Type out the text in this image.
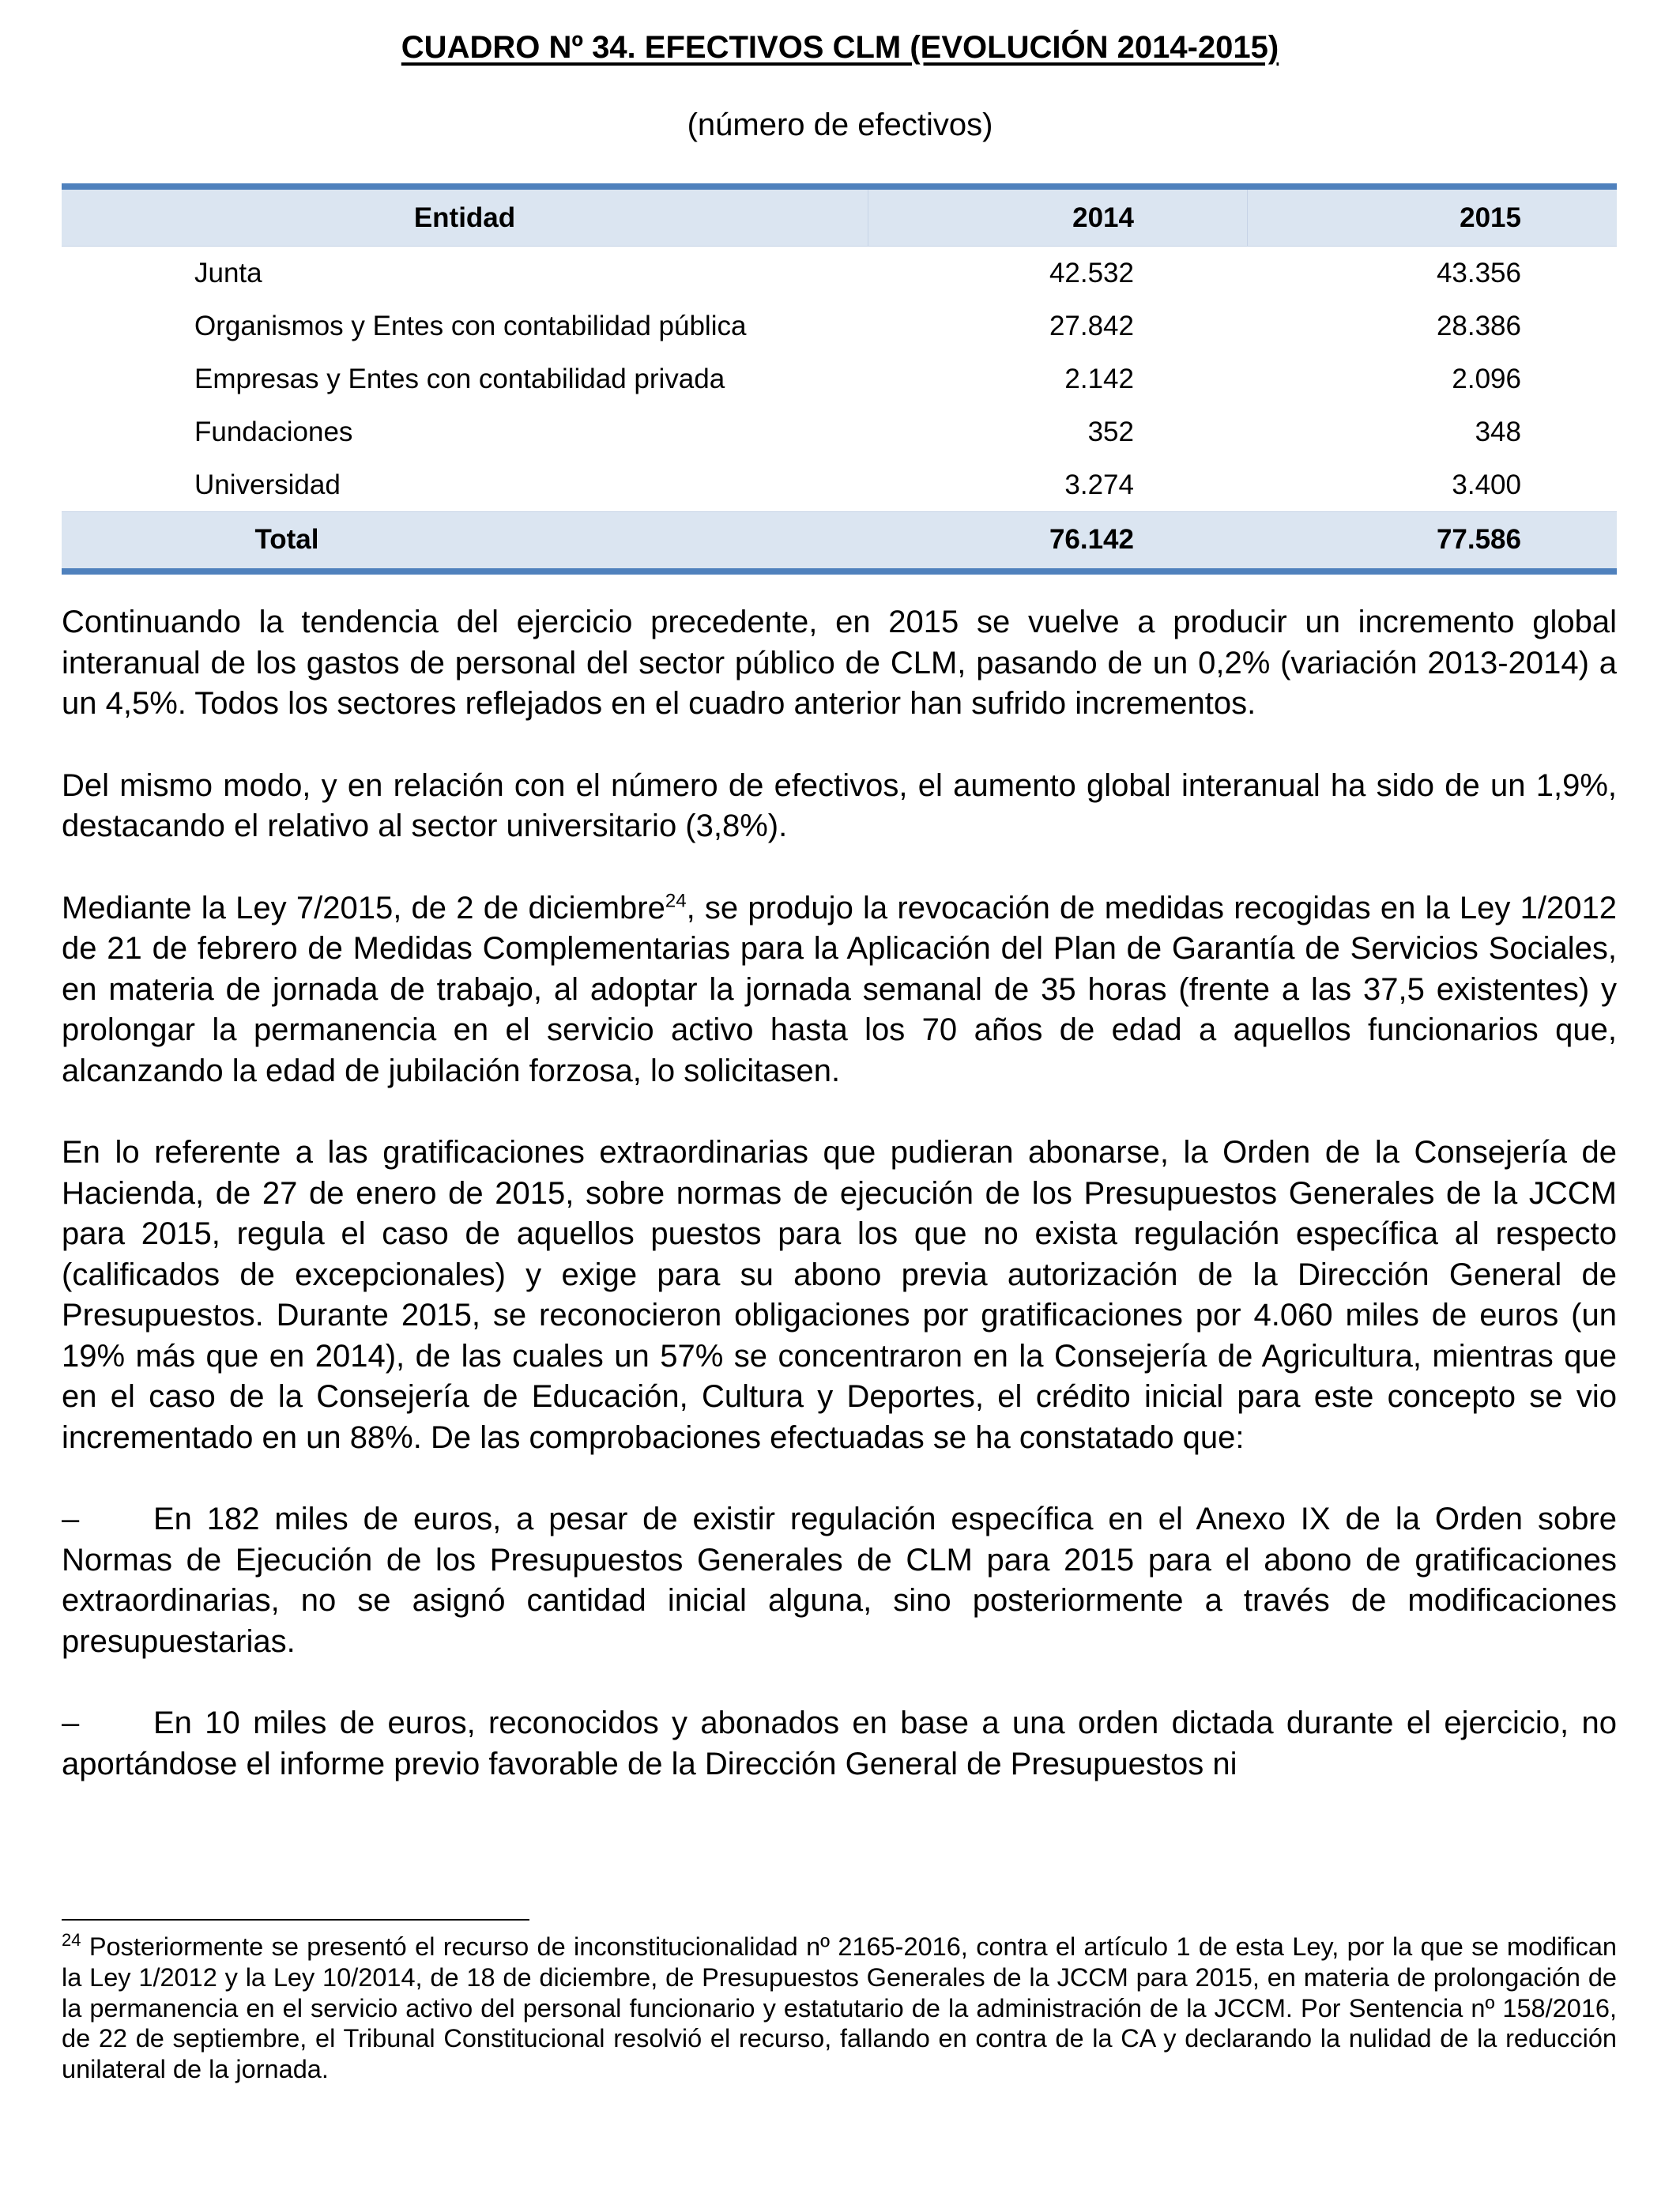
CUADRO Nº 34. EFECTIVOS CLM (EVOLUCIÓN 2014-2015)
(número de efectivos)
Entidad	2014	2015
Junta	42.532	43.356
Organismos y Entes con contabilidad pública	27.842	28.386
Empresas y Entes con contabilidad privada	2.142	2.096
Fundaciones	352	348
Universidad	3.274	3.400
Total	76.142	77.586

Continuando la tendencia del ejercicio precedente, en 2015 se vuelve a producir un incremento global interanual de los gastos de personal del sector público de CLM, pasando de un 0,2% (variación 2013-2014) a un 4,5%. Todos los sectores reflejados en el cuadro anterior han sufrido incrementos.

Del mismo modo, y en relación con el número de efectivos, el aumento global interanual ha sido de un 1,9%, destacando el relativo al sector universitario (3,8%).

Mediante la Ley 7/2015, de 2 de diciembre$^{24}$, se produjo la revocación de medidas recogidas en la Ley 1/2012 de 21 de febrero de Medidas Complementarias para la Aplicación del Plan de Garantía de Servicios Sociales, en materia de jornada de trabajo, al adoptar la jornada semanal de 35 horas (frente a las 37,5 existentes) y prolongar la permanencia en el servicio activo hasta los 70 años de edad a aquellos funcionarios que, alcanzando la edad de jubilación forzosa, lo solicitasen.

En lo referente a las gratificaciones extraordinarias que pudieran abonarse, la Orden de la Consejería de Hacienda, de 27 de enero de 2015, sobre normas de ejecución de los Presupuestos Generales de la JCCM para 2015, regula el caso de aquellos puestos para los que no exista regulación específica al respecto (calificados de excepcionales) y exige para su abono previa autorización de la Dirección General de Presupuestos. Durante 2015, se reconocieron obligaciones por gratificaciones por 4.060 miles de euros (un 19% más que en 2014), de las cuales un 57% se concentraron en la Consejería de Agricultura, mientras que en el caso de la Consejería de Educación, Cultura y Deportes, el crédito inicial para este concepto se vio incrementado en un 88%. De las comprobaciones efectuadas se ha constatado que:

– En 182 miles de euros, a pesar de existir regulación específica en el Anexo IX de la Orden sobre Normas de Ejecución de los Presupuestos Generales de CLM para 2015 para el abono de gratificaciones extraordinarias, no se asignó cantidad inicial alguna, sino posteriormente a través de modificaciones presupuestarias.

– En 10 miles de euros, reconocidos y abonados en base a una orden dictada durante el ejercicio, no aportándose el informe previo favorable de la Dirección General de Presupuestos ni

$^{24}$ Posteriormente se presentó el recurso de inconstitucionalidad nº 2165-2016, contra el artículo 1 de esta Ley, por la que se modifican la Ley 1/2012 y la Ley 10/2014, de 18 de diciembre, de Presupuestos Generales de la JCCM para 2015, en materia de prolongación de la permanencia en el servicio activo del personal funcionario y estatutario de la administración de la JCCM. Por Sentencia nº 158/2016, de 22 de septiembre, el Tribunal Constitucional resolvió el recurso, fallando en contra de la CA y declarando la nulidad de la reducción unilateral de la jornada.
